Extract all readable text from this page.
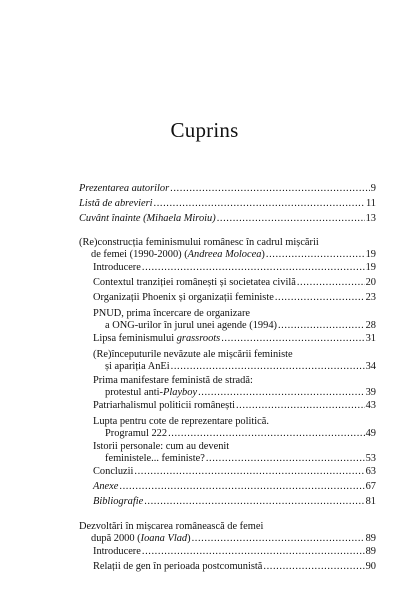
Cuprins
Prezentarea autorilor .....	9
Listă de abrevieri .....	11
Cuvânt înainte (Mihaela Miroiu) .....	13
(Re)construcția feminismului românesc în cadrul mișcării
de femei (1990-2000) (Andreea Molocea) .....	19
Introducere .....	19
Contextul tranziției românești și societatea civilă .....	20
Organizații Phoenix și organizații feministe .....	23
PNUD, prima încercare de organizare
a ONG-urilor în jurul unei agende (1994) .....	28
Lipsa feminismului grassroots .....	31
(Re)începuturile nevăzute ale mișcării feministe
și apariția AnEi .....	34
Prima manifestare feministă de stradă:
protestul anti-Playboy .....	39
Patriarhalismul politicii românești .....	43
Lupta pentru cote de reprezentare politică.
Programul 222 .....	49
Istorii personale: cum au devenit
feministele... feministe? .....	53
Concluzii .....	63
Anexe .....	67
Bibliografie .....	81
Dezvoltări în mișcarea românească de femei
după 2000 (Ioana Vlad) .....	89
Introducere .....	89
Relații de gen în perioada postcomunistă .....	90
